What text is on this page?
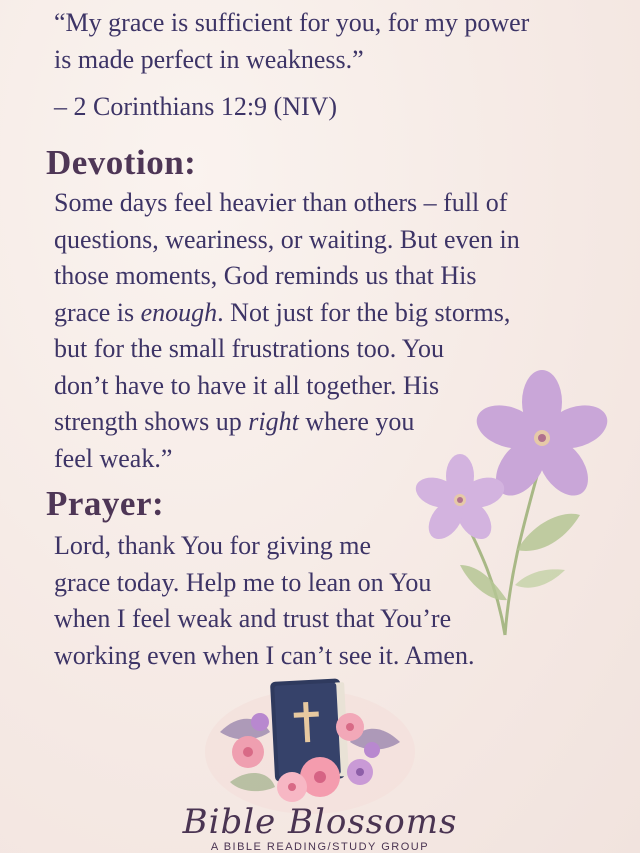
“My grace is sufficient for you, for my power

is made perfect in weakness.”

– 2 Corinthians 12:9 (NIV)
Devotion:
Some days feel heavier than others – full of
questions, weariness, or waiting. But even in
those moments, God reminds us that His
grace is enough. Not just for the big storms,
but for the small frustrations too. You
don’t have to have it all together. His
strength shows up right where you
feel weak.”
Prayer:
Lord, thank You for giving me
grace today. Help me to lean on You
when I feel weak and trust that You’re
working even when I can’t see it. Amen.
Bible Blossoms
A BIBLE READING/STUDY GROUP
